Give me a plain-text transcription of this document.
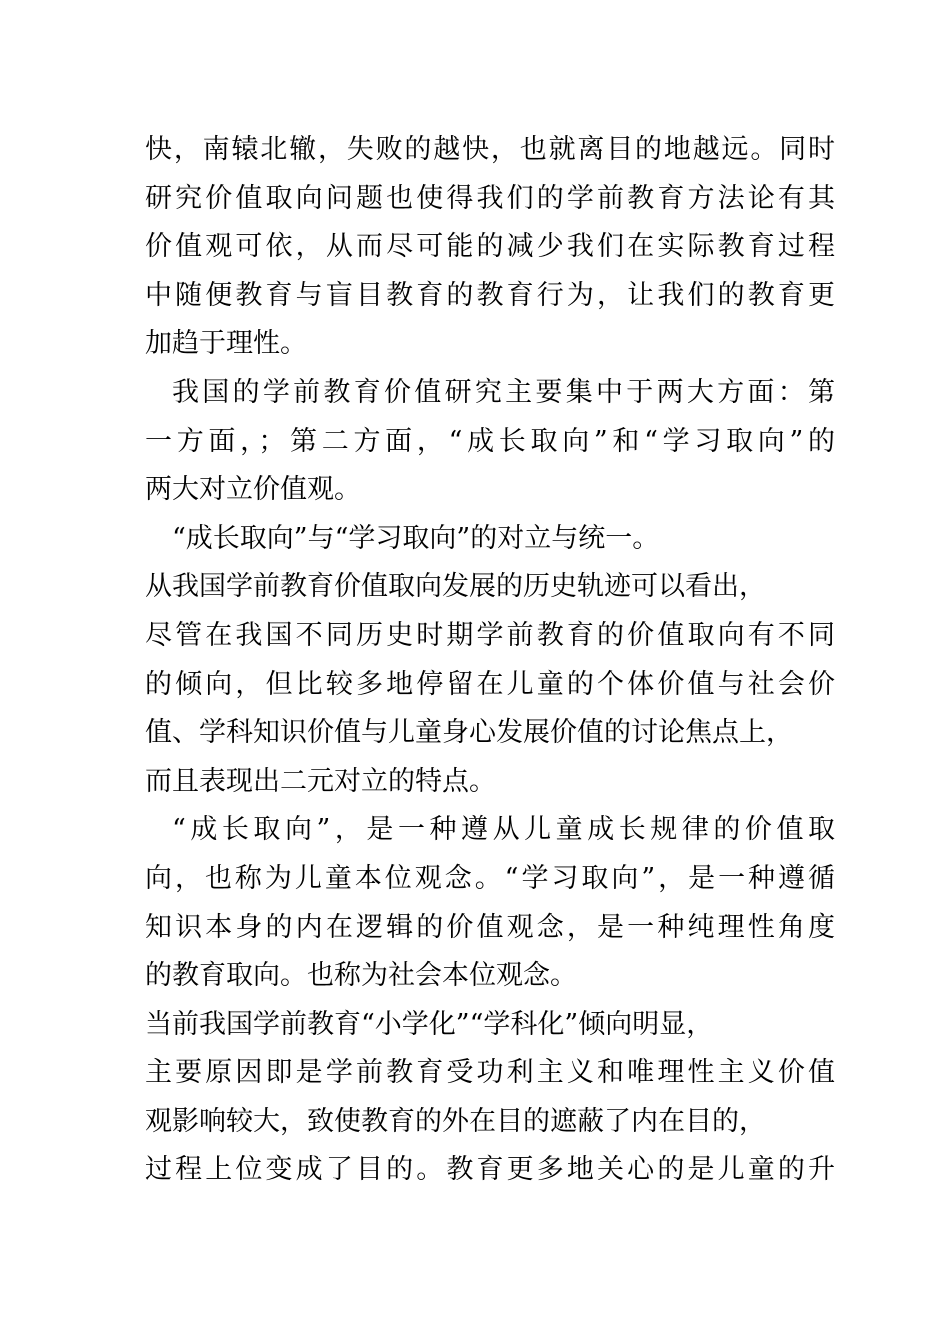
快，南辕北辙，失败的越快，也就离目的地越远。同时
研究价值取向问题也使得我们的学前教育方法论有其
价值观可依，从而尽可能的减少我们在实际教育过程
中随便教育与盲目教育的教育行为，让我们的教育更
加趋于理性。
我国的学前教育价值研究主要集中于两大方面：第
一方面，；第二方面，“成长取向”和“学习取向”的
两大对立价值观。
“成长取向”与“学习取向”的对立与统一。
从我国学前教育价值取向发展的历史轨迹可以看出，
尽管在我国不同历史时期学前教育的价值取向有不同
的倾向，但比较多地停留在儿童的个体价值与社会价
值、学科知识价值与儿童身心发展价值的讨论焦点上，
而且表现出二元对立的特点。
“成长取向”，是一种遵从儿童成长规律的价值取
向，也称为儿童本位观念。“学习取向”，是一种遵循
知识本身的内在逻辑的价值观念，是一种纯理性角度
的教育取向。也称为社会本位观念。
当前我国学前教育“小学化”“学科化”倾向明显，
主要原因即是学前教育受功利主义和唯理性主义价值
观影响较大，致使教育的外在目的遮蔽了内在目的，
过程上位变成了目的。教育更多地关心的是儿童的升
